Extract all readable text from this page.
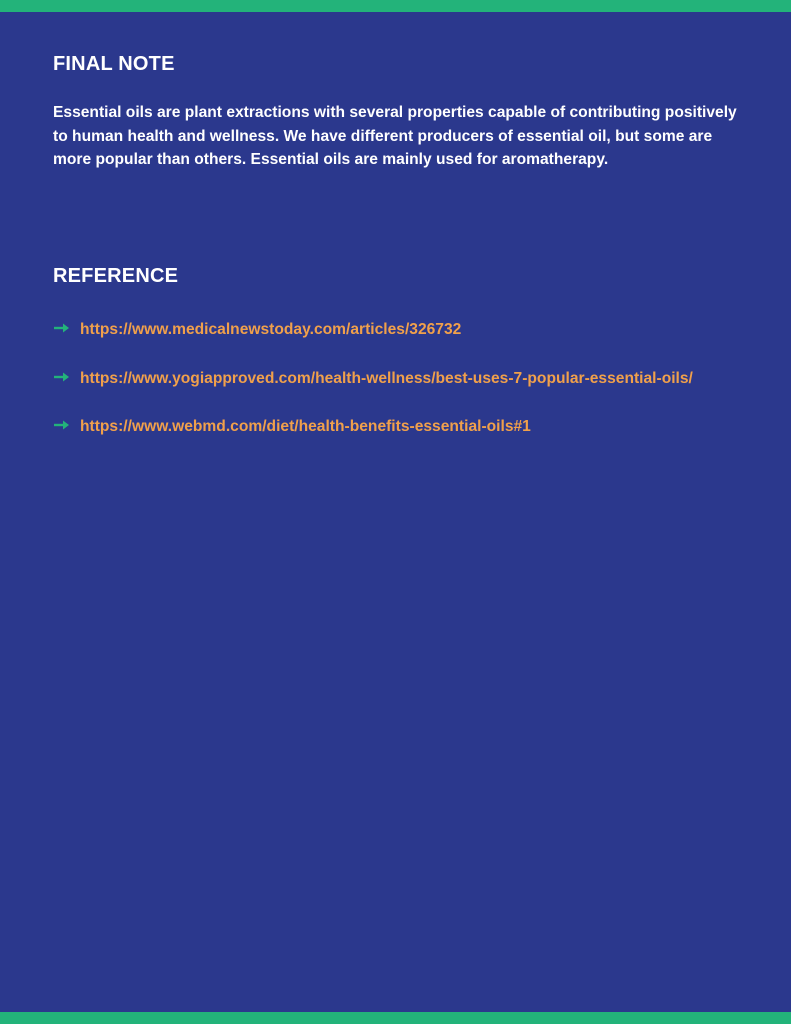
FINAL NOTE

Essential oils are plant extractions with several properties capable of contributing positively to human health and wellness. We have different producers of essential oil, but some are more popular than others. Essential oils are mainly used for aromatherapy.

REFERENCE
https://www.medicalnewstoday.com/articles/326732
https://www.yogiapproved.com/health-wellness/best-uses-7-popular-essential-oils/
https://www.webmd.com/diet/health-benefits-essential-oils#1
